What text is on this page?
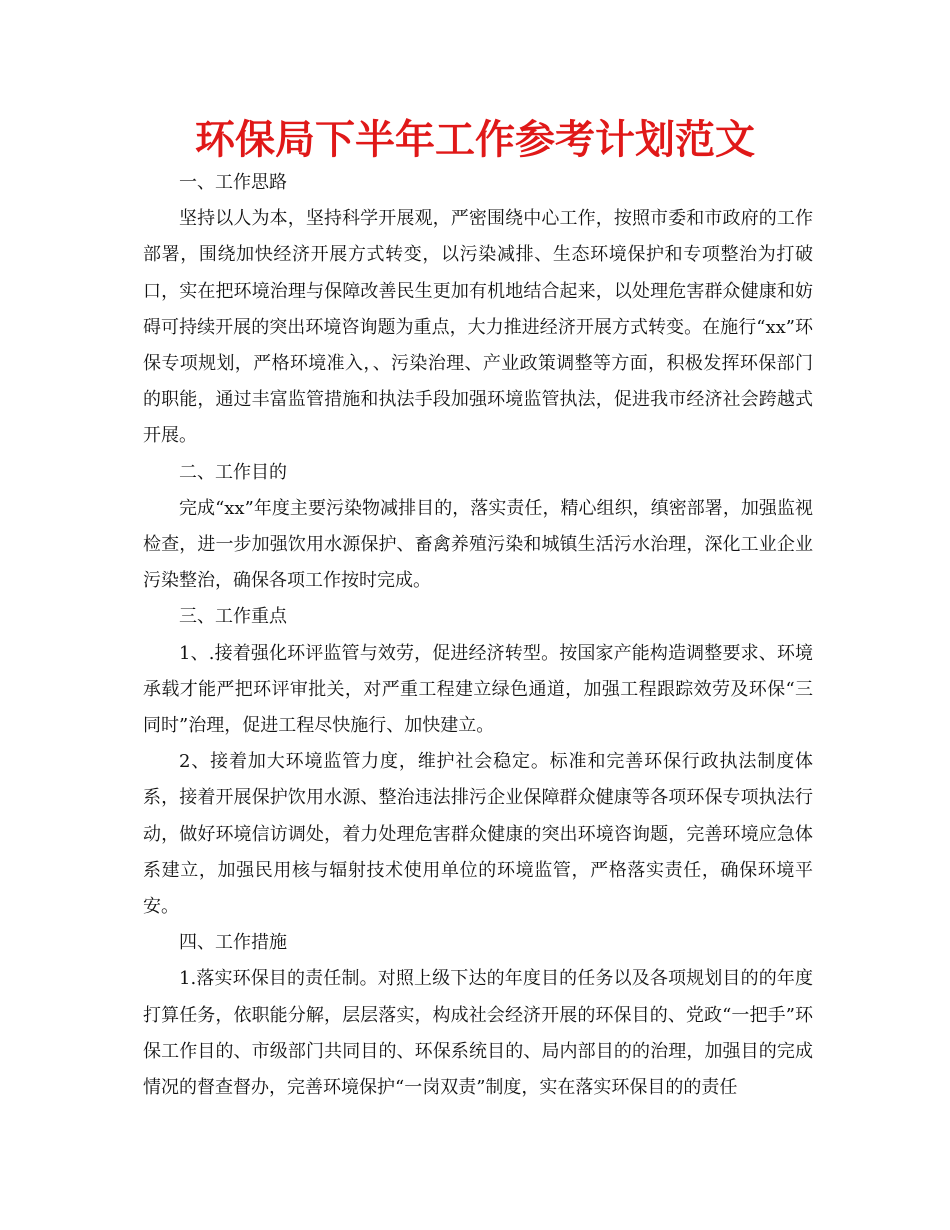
环保局下半年工作参考计划范文

一、工作思路

坚持以人为本，坚持科学开展观，严密围绕中心工作，按照市委和市政府的工作部署，围绕加快经济开展方式转变，以污染减排、生态环境保护和专项整治为打破口，实在把环境治理与保障改善民生更加有机地结合起来，以处理危害群众健康和妨碍可持续开展的突出环境咨询题为重点，大力推进经济开展方式转变。在施行“xx”环保专项规划，严格环境准入，、污染治理、产业政策调整等方面，积极发挥环保部门的职能，通过丰富监管措施和执法手段加强环境监管执法，促进我市经济社会跨越式开展。

二、工作目的

完成“xx”年度主要污染物减排目的，落实责任，精心组织，缜密部署，加强监视检查，进一步加强饮用水源保护、畜禽养殖污染和城镇生活污水治理，深化工业企业污染整治，确保各项工作按时完成。

三、工作重点

1、.接着强化环评监管与效劳，促进经济转型。按国家产能构造调整要求、环境承载才能严把环评审批关，对严重工程建立绿色通道，加强工程跟踪效劳及环保“三同时”治理，促进工程尽快施行、加快建立。

2、接着加大环境监管力度，维护社会稳定。标准和完善环保行政执法制度体系，接着开展保护饮用水源、整治违法排污企业保障群众健康等各项环保专项执法行动，做好环境信访调处，着力处理危害群众健康的突出环境咨询题，完善环境应急体系建立，加强民用核与辐射技术使用单位的环境监管，严格落实责任，确保环境平安。

四、工作措施

1.落实环保目的责任制。对照上级下达的年度目的任务以及各项规划目的的年度打算任务，依职能分解，层层落实，构成社会经济开展的环保目的、党政“一把手”环保工作目的、市级部门共同目的、环保系统目的、局内部目的的治理，加强目的完成情况的督查督办，完善环境保护“一岗双责”制度，实在落实环保目的的责任
